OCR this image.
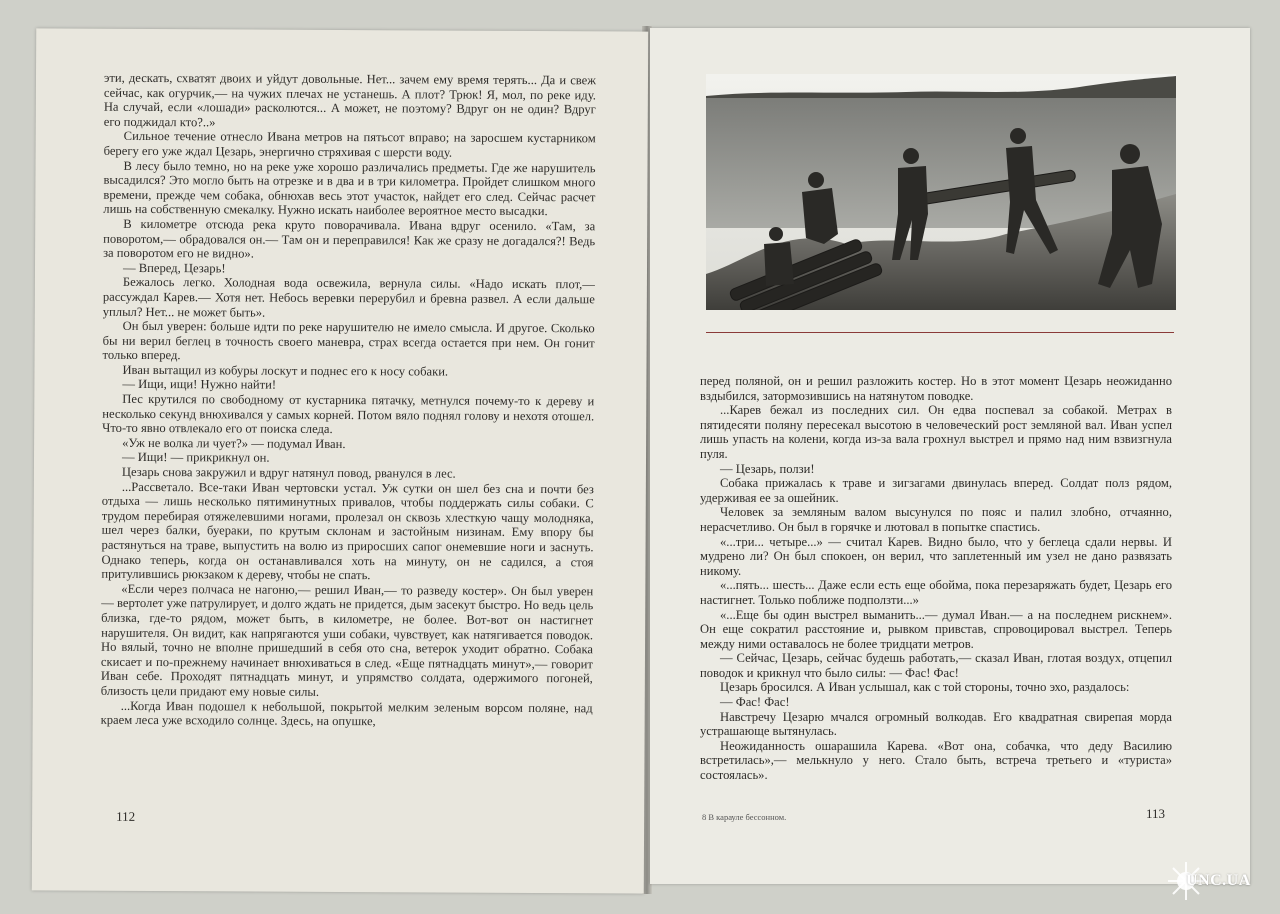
эти, дескать, схватят двоих и уйдут довольные. Нет... зачем ему время терять... Да и свеж сейчас, как огурчик,— на чужих плечах не устанешь. А плот? Трюк! Я, мол, по реке иду. На случай, если «лошади» расколются... А может, не поэтому? Вдруг он не один? Вдруг его поджидал кто?..»

Сильное течение отнесло Ивана метров на пятьсот вправо; на заросшем кустарником берегу его уже ждал Цезарь, энергично стряхивая с шерсти воду.

В лесу было темно, но на реке уже хорошо различались предметы. Где же нарушитель высадился? Это могло быть на отрезке и в два и в три километра. Пройдет слишком много времени, прежде чем собака, обнюхав весь этот участок, найдет его след. Сейчас расчет лишь на собственную смекалку. Нужно искать наиболее вероятное место высадки.

В километре отсюда река круто поворачивала. Ивана вдруг осенило. «Там, за поворотом,— обрадовался он.— Там он и переправился! Как же сразу не догадался?! Ведь за поворотом его не видно».

— Вперед, Цезарь!

Бежалось легко. Холодная вода освежила, вернула силы. «Надо искать плот,— рассуждал Карев.— Хотя нет. Небось веревки перерубил и бревна развел. А если дальше уплыл? Нет... не может быть».

Он был уверен: больше идти по реке нарушителю не имело смысла. И другое. Сколько бы ни верил беглец в точность своего маневра, страх всегда остается при нем. Он гонит только вперед.

Иван вытащил из кобуры лоскут и поднес его к носу собаки.

— Ищи, ищи! Нужно найти!

Пес крутился по свободному от кустарника пятачку, метнулся почему-то к дереву и несколько секунд внюхивался у самых корней. Потом вяло поднял голову и нехотя отошел. Что-то явно отвлекало его от поиска следа.

«Уж не волка ли чует?» — подумал Иван.

— Ищи! — прикрикнул он.

Цезарь снова закружил и вдруг натянул повод, рванулся в лес.

...Рассветало. Все-таки Иван чертовски устал. Уж сутки он шел без сна и почти без отдыха — лишь несколько пятиминутных привалов, чтобы поддержать силы собаки. С трудом перебирая отяжелевшими ногами, пролезал он сквозь хлесткую чащу молодняка, шел через балки, буераки, по крутым склонам и застойным низинам. Ему впору бы растянуться на траве, выпустить на волю из приросших сапог онемевшие ноги и заснуть. Однако теперь, когда он останавливался хоть на минуту, он не садился, а стоя притулившись рюкзаком к дереву, чтобы не спать.

«Если через полчаса не нагоню,— решил Иван,— то разведу костер». Он был уверен — вертолет уже патрулирует, и долго ждать не придется, дым засекут быстро. Но ведь цель близка, где-то рядом, может быть, в километре, не более. Вот-вот он настигнет нарушителя. Он видит, как напрягаются уши собаки, чувствует, как натягивается поводок. Но вялый, точно не вполне пришедший в себя ото сна, ветерок уходит обратно. Собака скисает и по-прежнему начинает внюхиваться в след. «Еще пятнадцать минут»,— говорит Иван себе. Проходят пятнадцать минут, и упрямство солдата, одержимого погоней, близость цели придают ему новые силы.

...Когда Иван подошел к небольшой, покрытой мелким зеленым ворсом поляне, над краем леса уже всходило солнце. Здесь, на опушке,

112

перед поляной, он и решил разложить костер. Но в этот момент Цезарь неожиданно вздыбился, затормозившись на натянутом поводке.

...Карев бежал из последних сил. Он едва поспевал за собакой. Метрах в пятидесяти поляну пересекал высотою в человеческий рост земляной вал. Иван успел лишь упасть на колени, когда из-за вала грохнул выстрел и прямо над ним взвизгнула пуля.

— Цезарь, ползи!

Собака прижалась к траве и зигзагами двинулась вперед. Солдат полз рядом, удерживая ее за ошейник.

Человек за земляным валом высунулся по пояс и палил злобно, отчаянно, нерасчетливо. Он был в горячке и лютовал в попытке спастись.

«...три... четыре...» — считал Карев. Видно было, что у беглеца сдали нервы. И мудрено ли? Он был спокоен, он верил, что заплетенный им узел не дано развязать никому.

«...пять... шесть... Даже если есть еще обойма, пока перезаряжать будет, Цезарь его настигнет. Только поближе подползти...»

«...Еще бы один выстрел выманить...— думал Иван.— а на последнем рискнем». Он еще сократил расстояние и, рывком привстав, спровоцировал выстрел. Теперь между ними оставалось не более тридцати метров.

— Сейчас, Цезарь, сейчас будешь работать,— сказал Иван, глотая воздух, отцепил поводок и крикнул что было силы: — Фас! Фас!

Цезарь бросился. А Иван услышал, как с той стороны, точно эхо, раздалось:

— Фас! Фас!

Навстречу Цезарю мчался огромный волкодав. Его квадратная свирепая морда устрашающе вытянулась.

Неожиданность ошарашила Карева. «Вот она, собачка, что деду Василию встретилась»,— мелькнуло у него. Стало быть, встреча третьего и «туриста» состоялась».

8 В карауле бессонном.	113
UNC.UA
